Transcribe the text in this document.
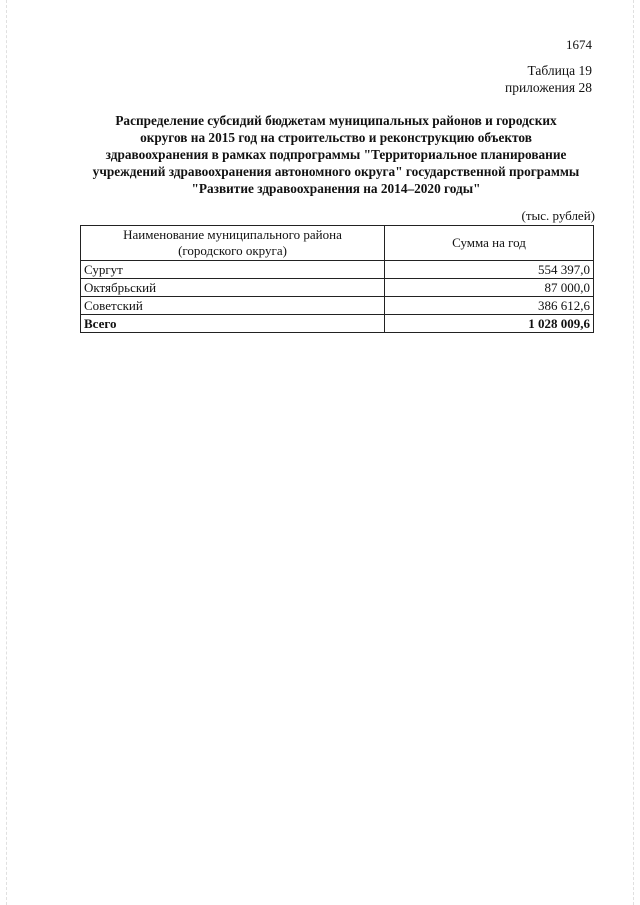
1674
Таблица 19
приложения 28
Распределение субсидий бюджетам муниципальных районов и городских
округов на 2015 год на строительство и реконструкцию объектов
здравоохранения в рамках подпрограммы "Территориальное планирование
учреждений здравоохранения автономного округа" государственной программы
"Развитие здравоохранения на 2014–2020 годы"
(тыс. рублей)
Наименование муниципального района
(городского округа)	Сумма на год
Сургут	554 397,0
Октябрьский	87 000,0
Советский	386 612,6
Всего	1 028 009,6
